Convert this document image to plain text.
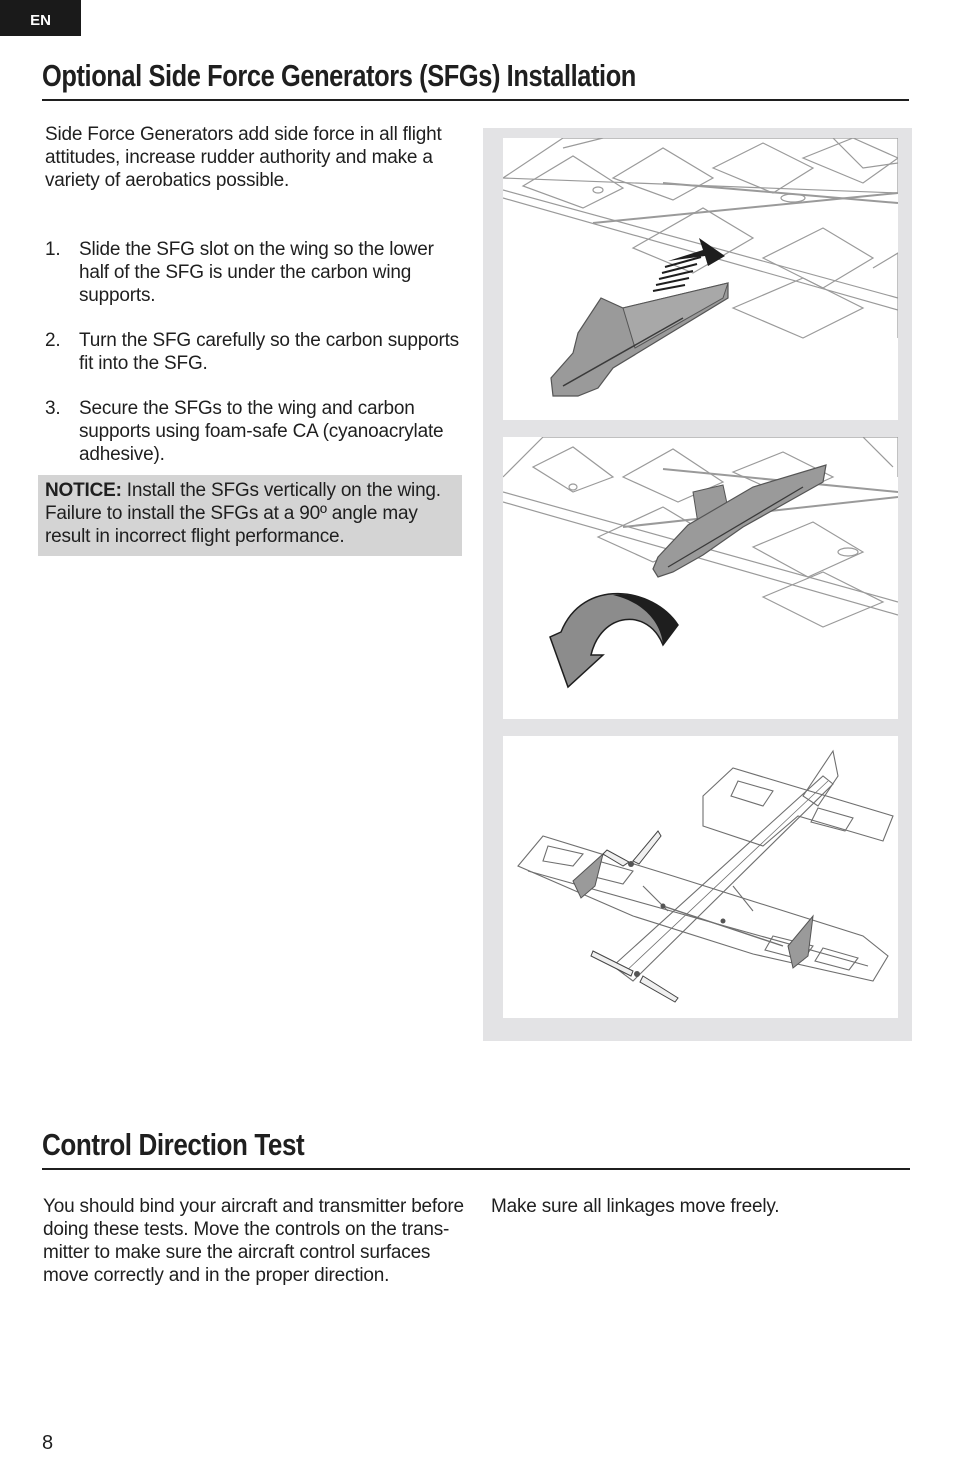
EN
Optional Side Force Generators (SFGs) Installation

Side Force Generators add side force in all flight attitudes, increase rudder authority and make a variety of aerobatics possible.

1. Slide the SFG slot on the wing so the lower half of the SFG is under the carbon wing supports.
2. Turn the SFG carefully so the carbon supports fit into the SFG.
3. Secure the SFGs to the wing and carbon supports using foam-safe CA (cyanoacrylate adhesive).
NOTICE: Install the SFGs vertically on the wing. Failure to install the SFGs at a 90º angle may result in incorrect flight performance.
Control Direction Test

You should bind your aircraft and transmitter before doing these tests. Move the controls on the trans-mitter to make sure the aircraft control surfaces move correctly and in the proper direction.

Make sure all linkages move freely.

8
